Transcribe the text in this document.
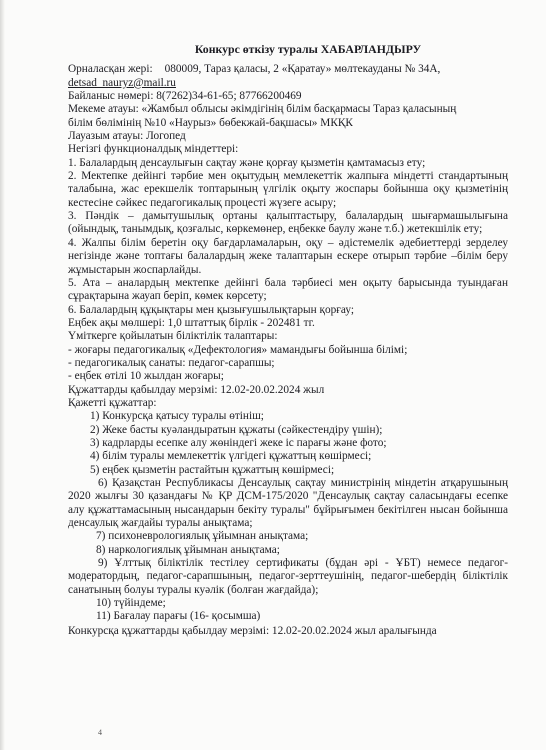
Конкурс өткізу туралы ХАБАРЛАНДЫРУ
Орналасқан жері: 080009, Тараз қаласы, 2 «Қаратау» мөлтекауданы № 34А,
detsad_nauryz@mail.ru
Байланыс нөмері: 8(7262)34-61-65; 87766200469
Мекеме атауы: «Жамбыл облысы әкімдігінің білім басқармасы Тараз қаласының
білім бөлімінің №10 «Наурыз» бөбекжай-бақшасы» МКҚК
Лауазым атауы: Логопед
Негізгі функционалдық міндеттері:
1. Балалардың денсаулығын сақтау және қорғау қызметін қамтамасыз ету;
2. Мектепке дейінгі тәрбие мен оқытудың мемлекеттік жалпыға міндетті стандартының талабына, жас ерекшелік топтарының үлгілік оқыту жоспары бойынша оқу қызметінің кестесіне сәйкес педагогикалық процесті жүзеге асыру;
3. Пәндік – дамытушылық ортаны қалыптастыру, балалардың шығармашылығына (ойындық, танымдық, қозғалыс, көркемөнер, еңбекке баулу және т.б.) жетекшілік ету;
4. Жалпы білім беретін оқу бағдарламаларын, оқу – әдістемелік әдебиеттерді зерделеу негізінде және топтағы балалардың жеке талаптарын ескере отырып тәрбие –білім беру жұмыстарын жоспарлайды.
5. Ата – аналардың мектепке дейінгі бала тәрбиесі мен оқыту барысында туындаған сұрақтарына жауап беріп, көмек көрсету;
6. Балалардың құқықтары мен қызығушылықтарын қорғау;
Еңбек ақы мөлшері: 1,0 штаттық бірлік - 202481 тг.
Үміткерге қойылатын біліктілік талаптары:
- жоғары педагогикалық «Дефектология» мамандығы бойынша білімі;
- педагогикалық санаты: педагог-сарапшы;
- еңбек өтілі 10 жылдан жоғары;
Құжаттарды қабылдау мерзімі: 12.02-20.02.2024 жыл
Қажетті құжаттар:
1) Конкурсқа қатысу туралы өтініш;
2) Жеке басты куәландыратын құжаты (сәйкестендіру үшін);
3) кадрларды есепке алу жөніндегі жеке іс парағы және фото;
4) білім туралы мемлекеттік үлгідегі құжаттың көшірмесі;
5) еңбек қызметін растайтын құжаттың көшірмесі;
6) Қазақстан Республикасы Денсаулық сақтау министрінің міндетін атқарушының 2020 жылғы 30 қазандағы № ҚР ДСМ-175/2020 "Денсаулық сақтау саласындағы есепке алу құжаттамасының нысандарын бекіту туралы" бұйрығымен бекітілген нысан бойынша денсаулық жағдайы туралы анықтама;
7) психоневрологиялық ұйымнан анықтама;
8) наркологиялық ұйымнан анықтама;
9) Ұлттық біліктілік тестілеу сертификаты (бұдан әрі - ҰБТ) немесе педагог-модератордың, педагог-сарапшының, педагог-зерттеушінің, педагог-шебердің біліктілік санатының болуы туралы куәлік (болған жағдайда);
10) түйіндеме;
11) Бағалау парағы (16- қосымша)
Конкурсқа құжаттарды қабылдау мерзімі: 12.02-20.02.2024 жыл аралығында
4
